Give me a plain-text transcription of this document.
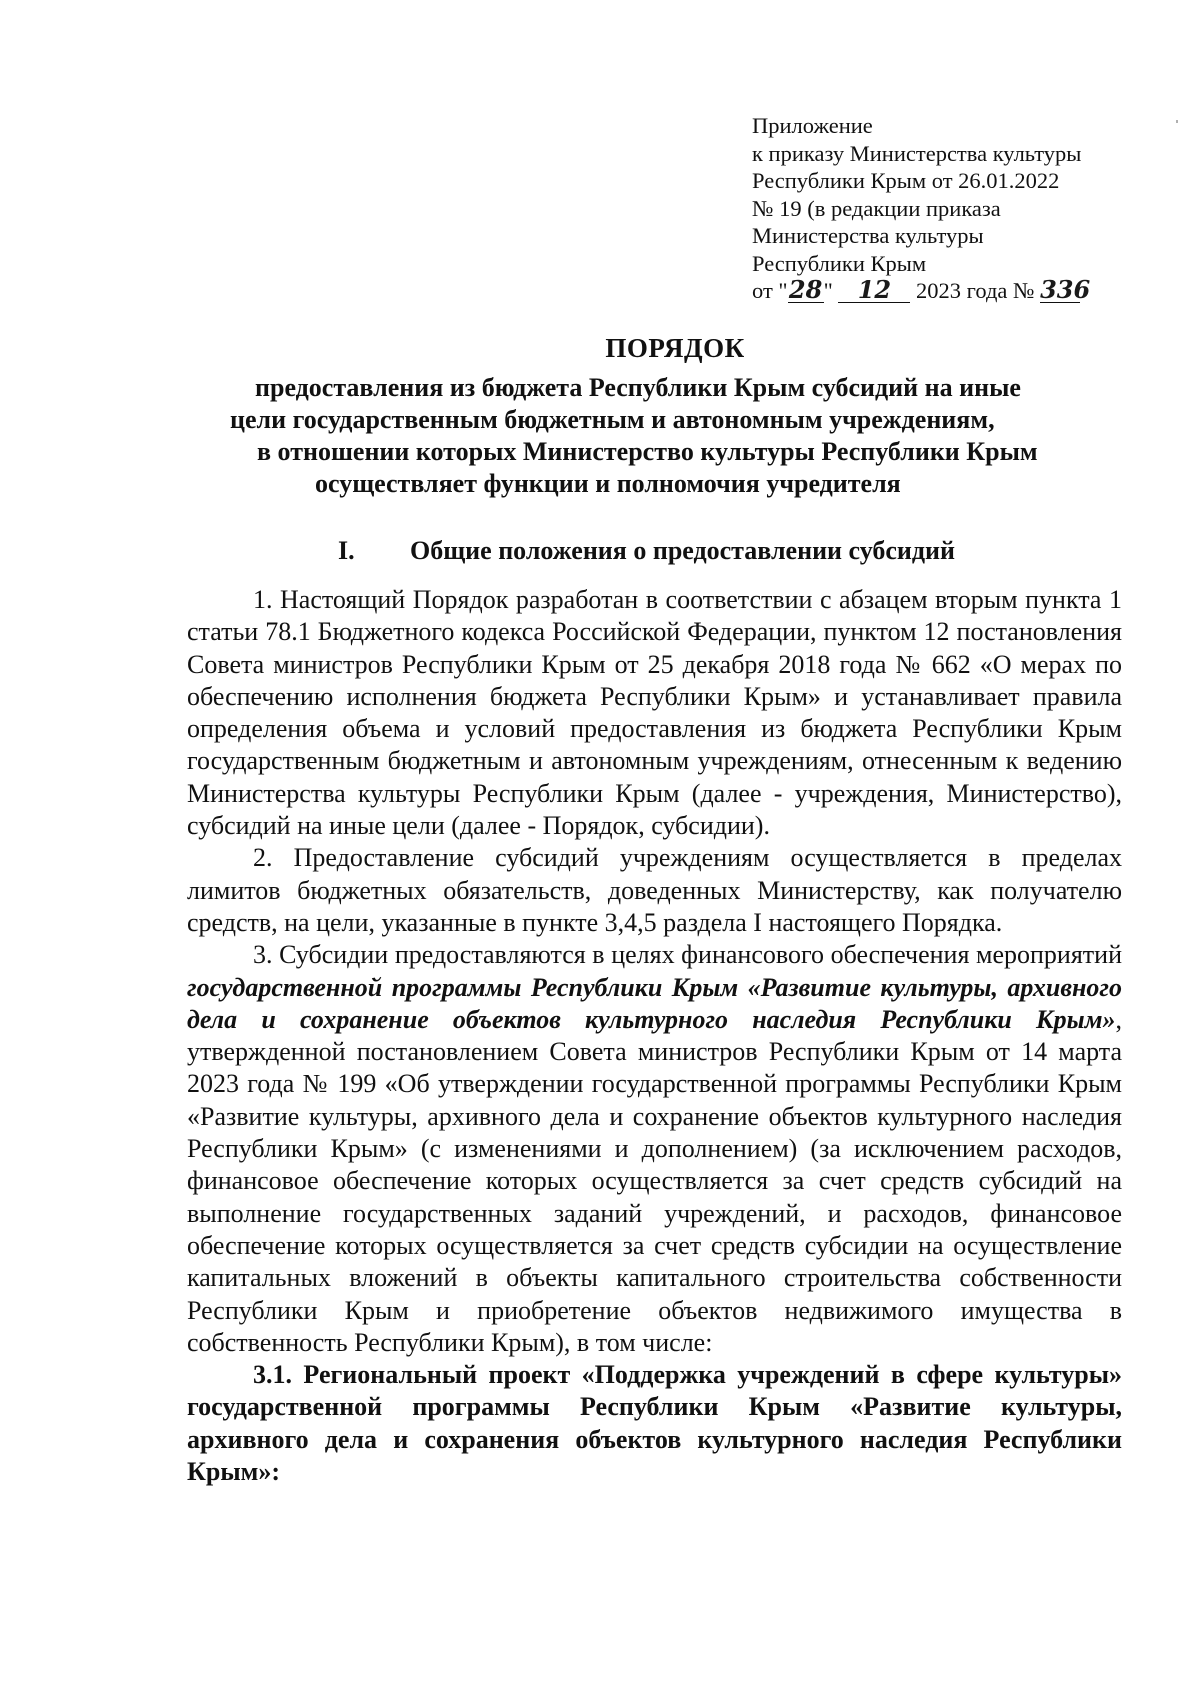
Приложение
к приказу Министерства культуры
Республики Крым от 26.01.2022
№ 19 (в редакции приказа
Министерства культуры
Республики Крым
от "28" 12 2023 года № 336
ПОРЯДОК
предоставления из бюджета Республики Крым субсидий на иные
цели государственным бюджетным и автономным учреждениям,
в отношении которых Министерство культуры Республики Крым
осуществляет функции и полномочия учредителя
I. Общие положения о предоставлении субсидий

1. Настоящий Порядок разработан в соответствии с абзацем вторым пункта 1 статьи 78.1 Бюджетного кодекса Российской Федерации, пунктом 12 постановления Совета министров Республики Крым от 25 декабря 2018 года № 662 «О мерах по обеспечению исполнения бюджета Республики Крым» и устанавливает правила определения объема и условий предоставления из бюджета Республики Крым государственным бюджетным и автономным учреждениям, отнесенным к ведению Министерства культуры Республики Крым (далее - учреждения, Министерство), субсидий на иные цели (далее - Порядок, субсидии).

2. Предоставление субсидий учреждениям осуществляется в пределах лимитов бюджетных обязательств, доведенных Министерству, как получателю средств, на цели, указанные в пункте 3,4,5 раздела I настоящего Порядка.

3. Субсидии предоставляются в целях финансового обеспечения мероприятий государственной программы Республики Крым «Развитие культуры, архивного дела и сохранение объектов культурного наследия Республики Крым», утвержденной постановлением Совета министров Республики Крым от 14 марта 2023 года № 199 «Об утверждении государственной программы Республики Крым «Развитие культуры, архивного дела и сохранение объектов культурного наследия Республики Крым» (с изменениями и дополнением) (за исключением расходов, финансовое обеспечение которых осуществляется за счет средств субсидий на выполнение государственных заданий учреждений, и расходов, финансовое обеспечение которых осуществляется за счет средств субсидии на осуществление капитальных вложений в объекты капитального строительства собственности Республики Крым и приобретение объектов недвижимого имущества в собственность Республики Крым), в том числе:

3.1. Региональный проект «Поддержка учреждений в сфере культуры» государственной программы Республики Крым «Развитие культуры, архивного дела и сохранения объектов культурного наследия Республики Крым»:
